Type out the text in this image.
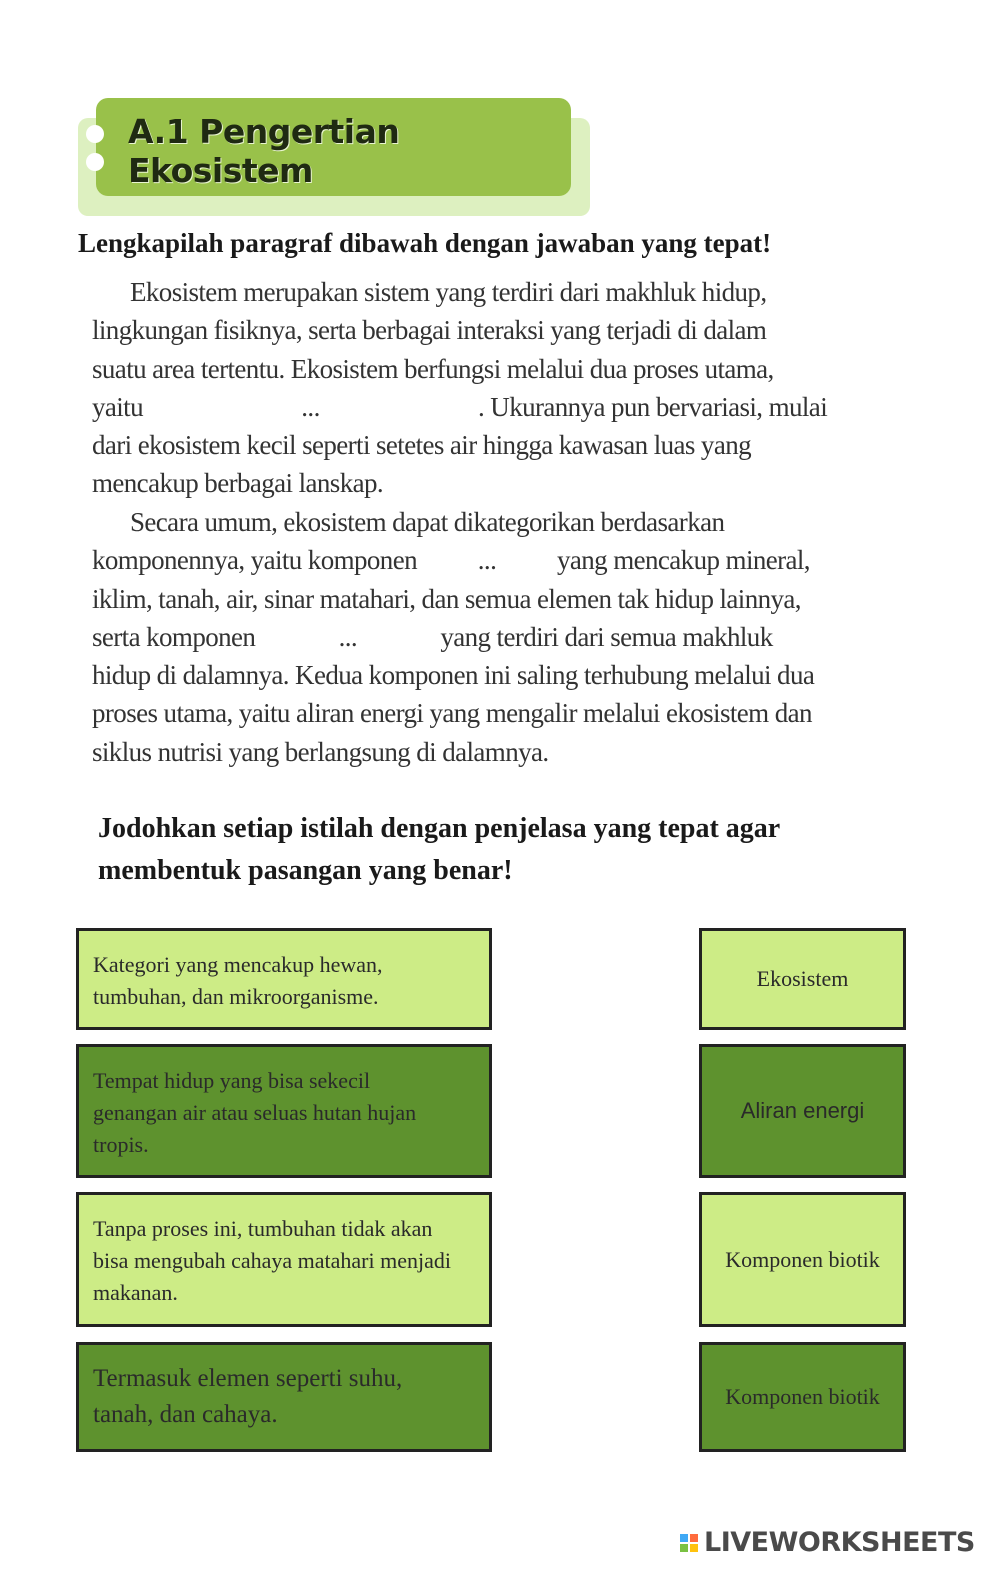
A.1 Pengertian Ekosistem
Lengkapilah paragraf dibawah dengan jawaban yang tepat!
Ekosistem merupakan sistem yang terdiri dari makhluk hidup,
lingkungan fisiknya, serta berbagai interaksi yang terjadi di dalam
suatu area tertentu. Ekosistem berfungsi melalui dua proses utama,
yaitu	...	. Ukurannya pun bervariasi, mulai
dari ekosistem kecil seperti setetes air hingga kawasan luas yang
mencakup berbagai lanskap.
Secara umum, ekosistem dapat dikategorikan berdasarkan
komponennya, yaitu komponen ... yang mencakup mineral,
iklim, tanah, air, sinar matahari, dan semua elemen tak hidup lainnya,
serta komponen	...	yang terdiri dari semua makhluk
hidup di dalamnya. Kedua komponen ini saling terhubung melalui dua
proses utama, yaitu aliran energi yang mengalir melalui ekosistem dan
siklus nutrisi yang berlangsung di dalamnya.
Jodohkan setiap istilah dengan penjelasa yang tepat agar
membentuk pasangan yang benar!
Kategori yang mencakup hewan,
tumbuhan, dan mikroorganisme.
Tempat hidup yang bisa sekecil
genangan air atau seluas hutan hujan
tropis.
Tanpa proses ini, tumbuhan tidak akan
bisa mengubah cahaya matahari menjadi
makanan.
Termasuk elemen seperti suhu,
tanah, dan cahaya.
Ekosistem
Aliran energi
Komponen biotik
Komponen biotik
LIVEWORKSHEETS
